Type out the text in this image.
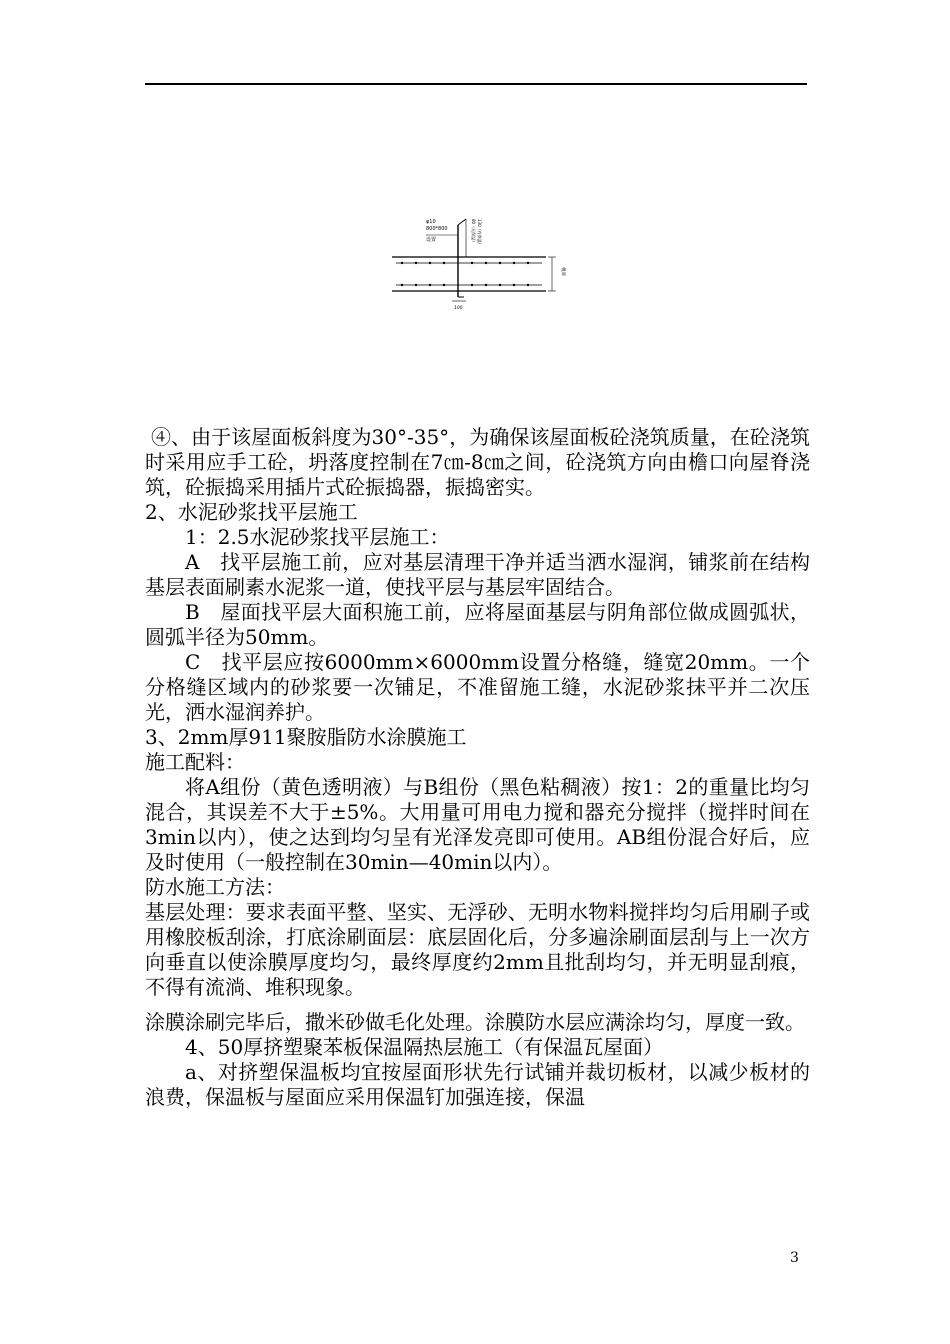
φ10
800*800
设置	80（无保温） 130（有保温）
板厚
100

④、由于该屋面板斜度为30°-35°，为确保该屋面板砼浇筑质量，在砼浇筑时采用应手工砼，坍落度控制在7㎝-8㎝之间，砼浇筑方向由檐口向屋脊浇筑，砼振捣采用插片式砼振捣器，振捣密实。

2、水泥砂浆找平层施工

1：2.5水泥砂浆找平层施工：

A　找平层施工前，应对基层清理干净并适当洒水湿润，铺浆前在结构基层表面刷素水泥浆一道，使找平层与基层牢固结合。

B　屋面找平层大面积施工前，应将屋面基层与阴角部位做成圆弧状，圆弧半径为50mm。

C　找平层应按6000mm×6000mm设置分格缝，缝宽20mm。一个分格缝区域内的砂浆要一次铺足，不准留施工缝，水泥砂浆抹平并二次压光，洒水湿润养护。

3、2mm厚911聚胺脂防水涂膜施工

施工配料：

将A组份（黄色透明液）与B组份（黑色粘稠液）按1：2的重量比均匀混合，其误差不大于±5%。大用量可用电力搅和器充分搅拌（搅拌时间在3min以内），使之达到均匀呈有光泽发亮即可使用。AB组份混合好后，应及时使用（一般控制在30min—40min以内）。

防水施工方法：

基层处理：要求表面平整、坚实、无浮砂、无明水物料搅拌均匀后用刷子或用橡胶板刮涂，打底涂刷面层：底层固化后，分多遍涂刷面层刮与上一次方向垂直以使涂膜厚度均匀，最终厚度约2mm且批刮均匀，并无明显刮痕，不得有流淌、堆积现象。

涂膜涂刷完毕后，撒米砂做毛化处理。涂膜防水层应满涂均匀，厚度一致。

4、50厚挤塑聚苯板保温隔热层施工（有保温瓦屋面）

a、对挤塑保温板均宜按屋面形状先行试铺并裁切板材，以减少板材的浪费，保温板与屋面应采用保温钉加强连接，保温

3
